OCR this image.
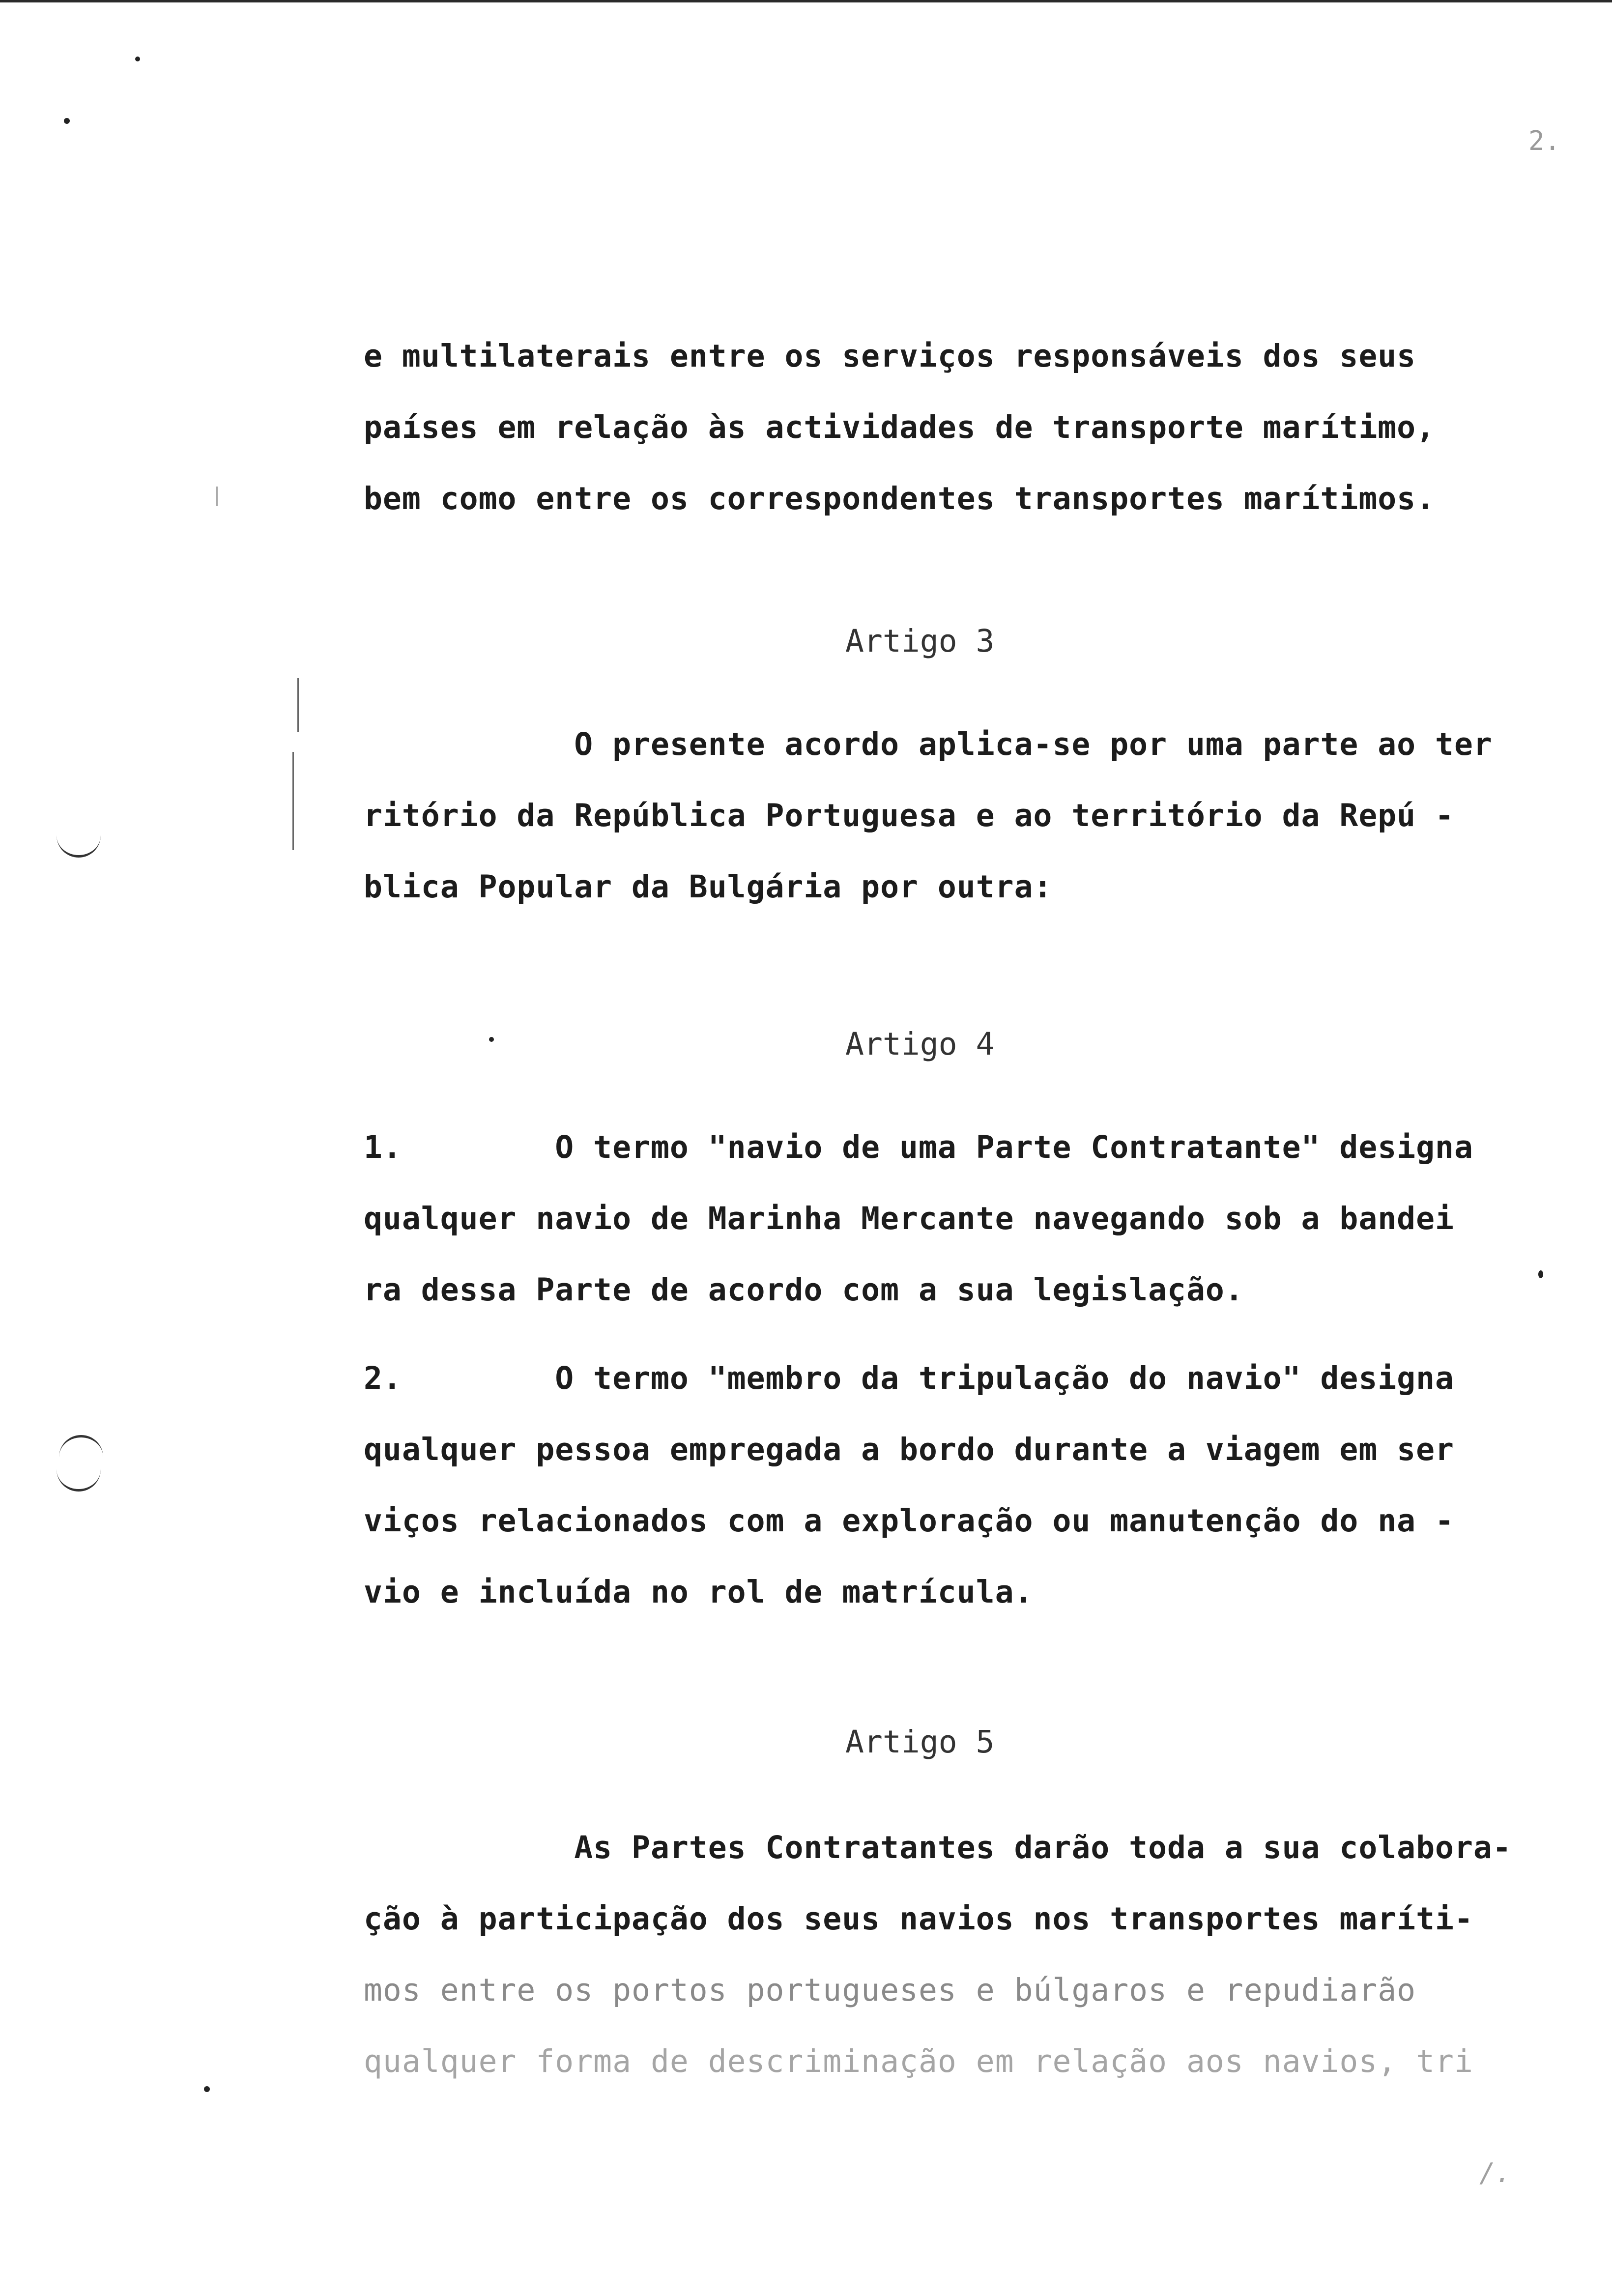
2.
e multilaterais entre os serviços responsáveis dos seus
países em relação às actividades de transporte marítimo,
bem como entre os correspondentes transportes marítimos.
Artigo 3
O presente acordo aplica-se por uma parte ao ter
ritório da República Portuguesa e ao território da Repú -
blica Popular da Bulgária por outra:
Artigo 4
1.        O termo "navio de uma Parte Contratante" designa
qualquer navio de Marinha Mercante navegando sob a bandei
ra dessa Parte de acordo com a sua legislação.
2.        O termo "membro da tripulação do navio" designa
qualquer pessoa empregada a bordo durante a viagem em ser
viços relacionados com a exploração ou manutenção do na -
vio e incluída no rol de matrícula.
Artigo 5
As Partes Contratantes darão toda a sua colabora-
ção à participação dos seus navios nos transportes maríti-
mos entre os portos portugueses e búlgaros e repudiarão
qualquer forma de descriminação em relação aos navios, tri
/.
